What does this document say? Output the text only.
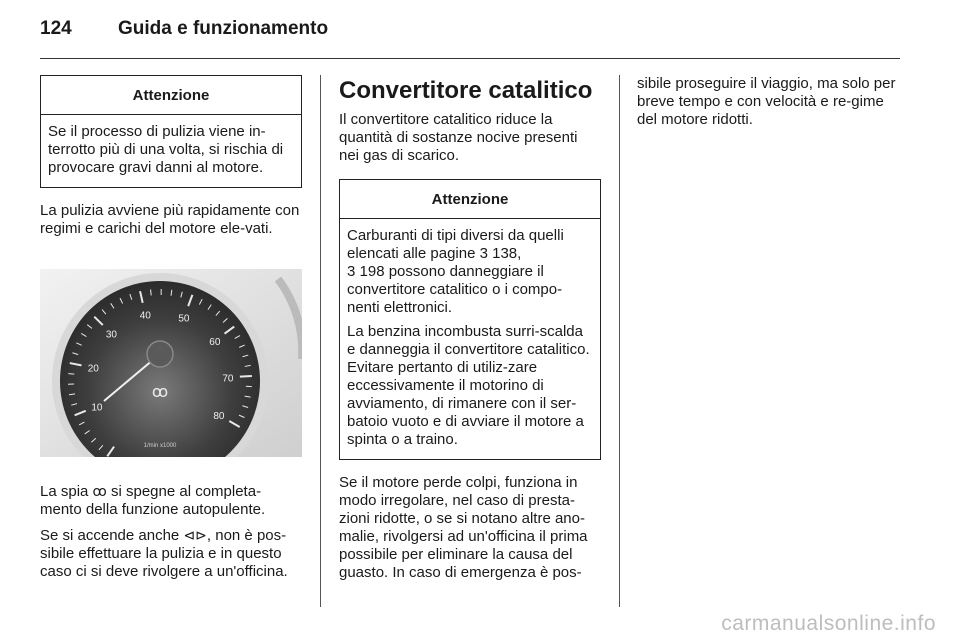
124 Guida e funzionamento
Attenzione

Se il processo di pulizia viene in-terrotto più di una volta, si rischia di provocare gravi danni al motore.

La pulizia avviene più rapidamente con regimi e carichi del motore ele-vati.

10
20
30
40	50
60
70
80
ꝏ
1/min x1000

La spia ꝏ si spegne al completa-mento della funzione autopulente.

Se si accende anche ⊲⊳, non è pos-sibile effettuare la pulizia e in questo caso ci si deve rivolgere a un'officina.

Convertitore catalitico

Il convertitore catalitico riduce la quantità di sostanze nocive presenti nei gas di scarico.

Attenzione

Carburanti di tipi diversi da quelli elencati alle pagine 3 138,
3 198 possono danneggiare il convertitore catalitico o i compo-nenti elettronici.

La benzina incombusta surri-scalda e danneggia il convertitore catalitico. Evitare pertanto di utiliz-zare eccessivamente il motorino di avviamento, di rimanere con il ser-batoio vuoto e di avviare il motore a spinta o a traino.

Se il motore perde colpi, funziona in modo irregolare, nel caso di presta-zioni ridotte, o se si notano altre ano-malie, rivolgersi ad un'officina il prima possibile per eliminare la causa del guasto. In caso di emergenza è pos-

sibile proseguire il viaggio, ma solo per breve tempo e con velocità e re-gime del motore ridotti.

carmanualsonline.info
